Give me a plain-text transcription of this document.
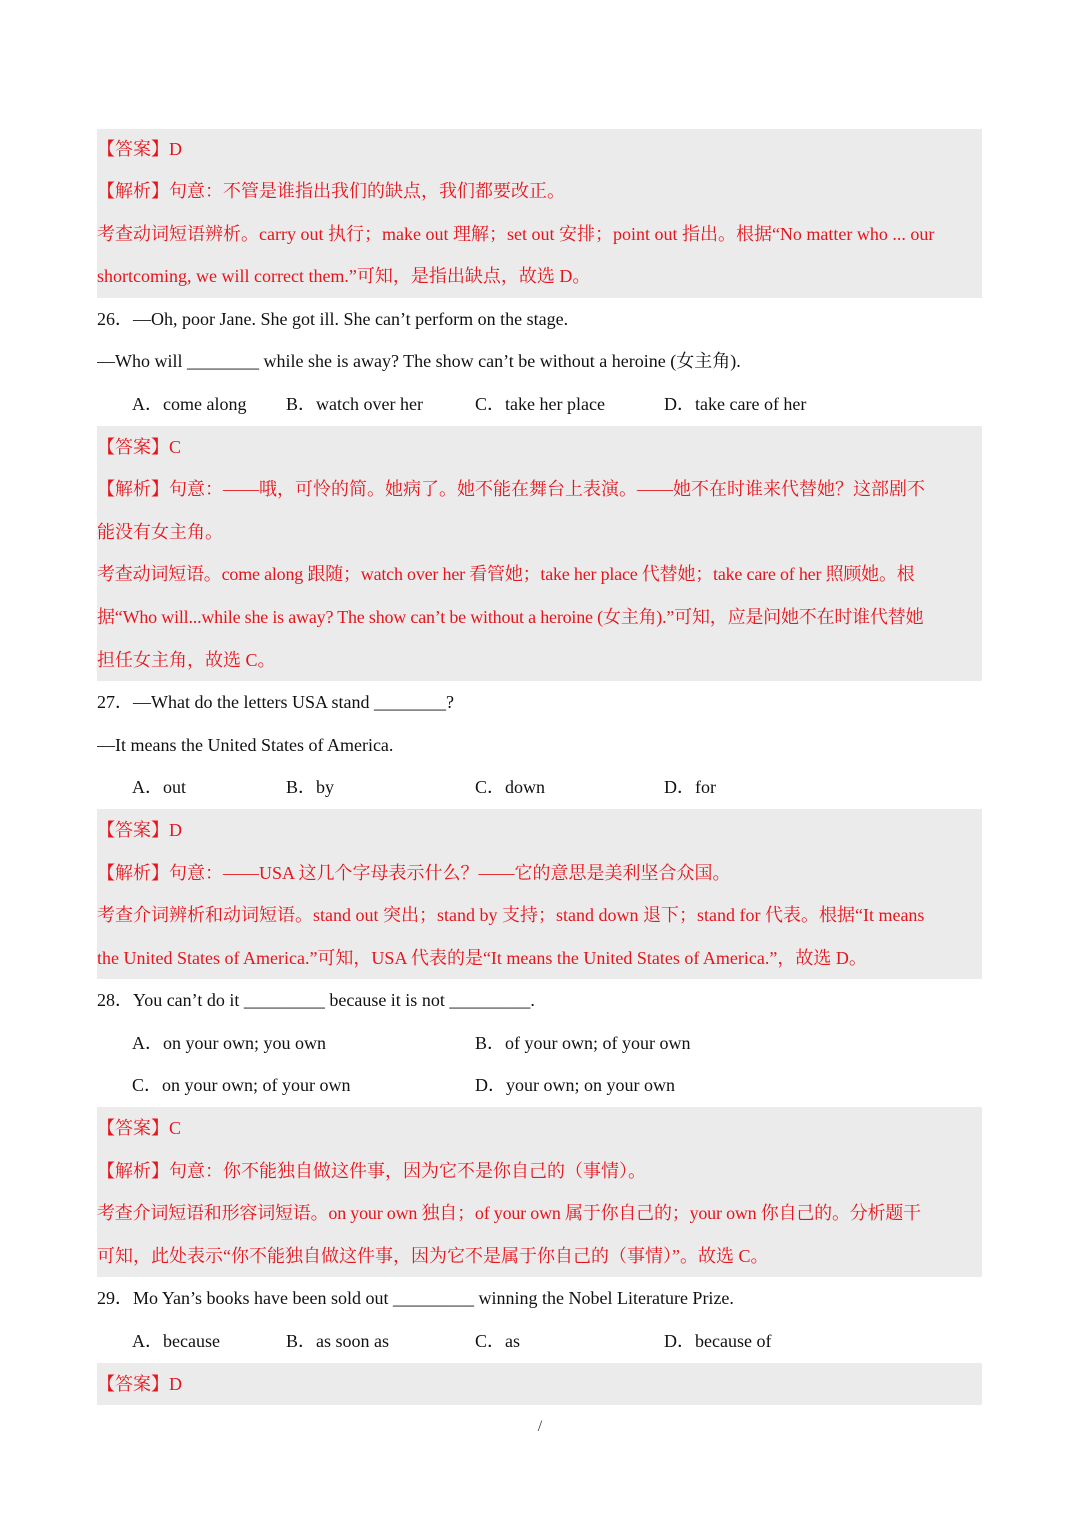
【答案】D
【解析】句意：不管是谁指出我们的缺点，我们都要改正。
考查动词短语辨析。carry out 执行；make out 理解；set out 安排；point out 指出。根据“No matter who ... our
shortcoming, we will correct them.”可知，是指出缺点，故选 D。
26．—Oh, poor Jane. She got ill. She can’t perform on the stage.
—Who will ________ while she is away? The show can’t be without a heroine (女主角).
A．come along B．watch over her	C．take her place	D．take care of her
【答案】C
【解析】句意：——哦，可怜的简。她病了。她不能在舞台上表演。——她不在时谁来代替她？这部剧不
能没有女主角。
考查动词短语。come along 跟随；watch over her 看管她；take her place 代替她；take care of her 照顾她。根
据“Who will...while she is away? The show can’t be without a heroine (女主角).”可知，应是问她不在时谁代替她
担任女主角，故选 C。
27．—What do the letters USA stand ________?
—It means the United States of America.
A．out	B．by	C．down	D．for
【答案】D
【解析】句意：——USA 这几个字母表示什么？——它的意思是美利坚合众国。
考查介词辨析和动词短语。stand out 突出；stand by 支持；stand down 退下；stand for 代表。根据“It means
the United States of America.”可知，USA 代表的是“It means the United States of America.”，故选 D。
28．You can’t do it _________ because it is not _________.
A．on your own; you own	B．of your own; of your own
C．on your own; of your own	D．your own; on your own
【答案】C
【解析】句意：你不能独自做这件事，因为它不是你自己的（事情）。
考查介词短语和形容词短语。on your own 独自；of your own 属于你自己的；your own 你自己的。分析题干
可知，此处表示“你不能独自做这件事，因为它不是属于你自己的（事情）”。故选 C。
29．Mo Yan’s books have been sold out _________ winning the Nobel Literature Prize.
A．because	B．as soon as	C．as	D．because of
【答案】D
/
